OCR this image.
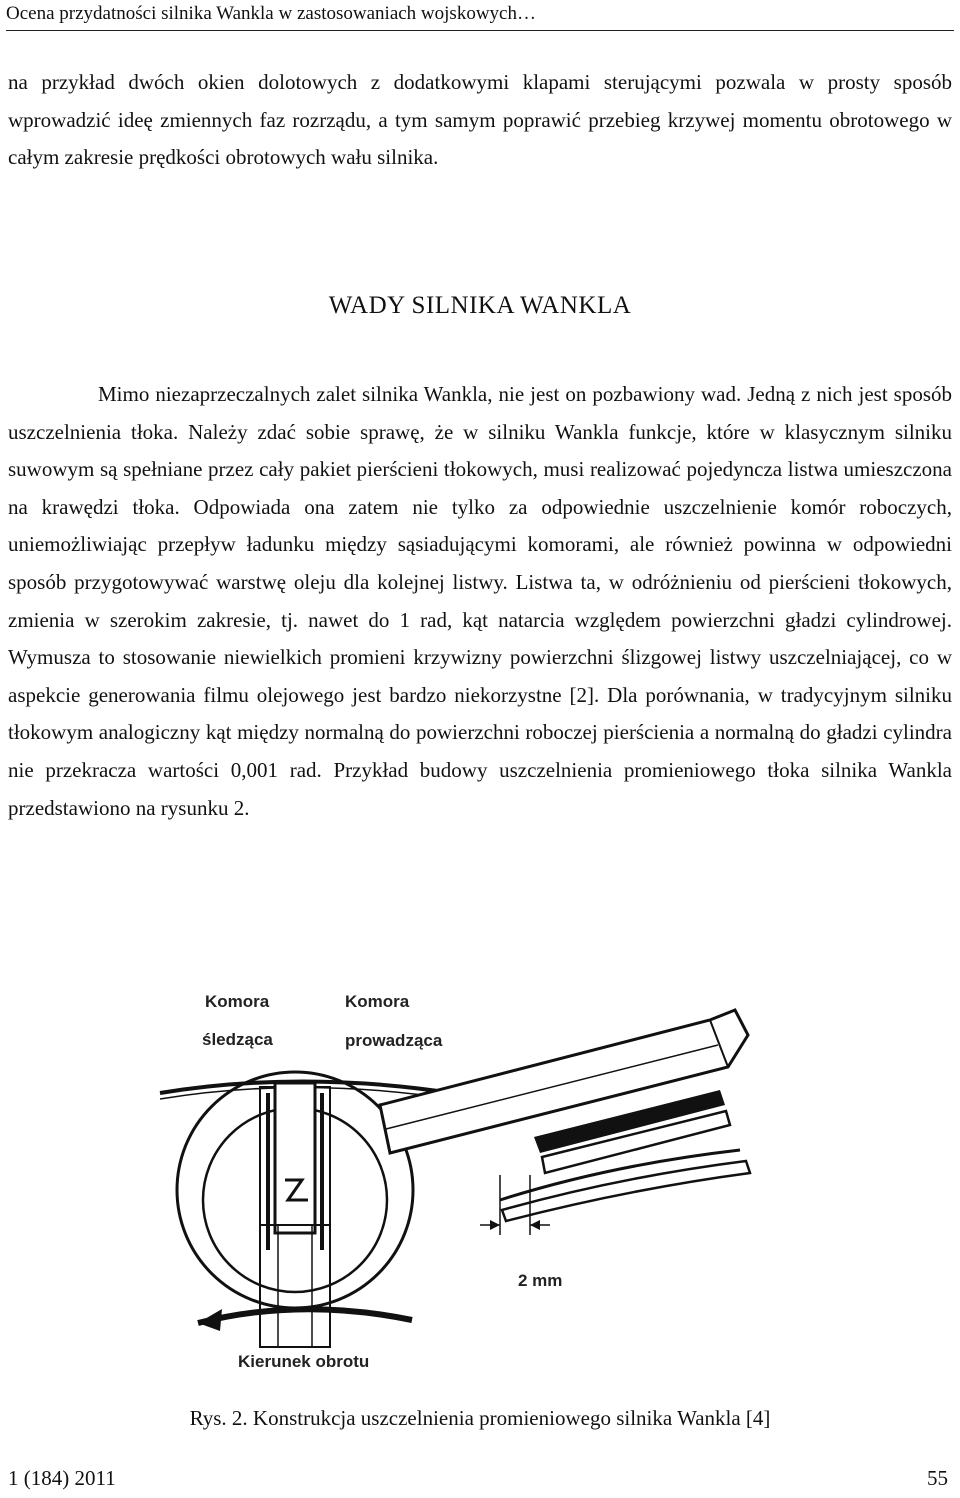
Ocena przydatności silnika Wankla w zastosowaniach wojskowych…
na przykład dwóch okien dolotowych z dodatkowymi klapami sterującymi pozwala w prosty sposób wprowadzić ideę zmiennych faz rozrządu, a tym samym poprawić przebieg krzywej momentu obrotowego w całym zakresie prędkości obrotowych wału silnika.
WADY SILNIKA WANKLA
Mimo niezaprzeczalnych zalet silnika Wankla, nie jest on pozbawiony wad. Jedną z nich jest sposób uszczelnienia tłoka. Należy zdać sobie sprawę, że w silniku Wankla funkcje, które w klasycznym silniku suwowym są spełniane przez cały pakiet pierścieni tłokowych, musi realizować pojedyncza listwa umieszczona na krawędzi tłoka. Odpowiada ona zatem nie tylko za odpowiednie uszczelnienie komór roboczych, uniemożliwiając przepływ ładunku między sąsiadującymi komorami, ale również powinna w odpowiedni sposób przygotowywać warstwę oleju dla kolejnej listwy. Listwa ta, w odróżnieniu od pierścieni tłokowych, zmienia w szerokim zakresie, tj. nawet do 1 rad, kąt natarcia względem powierzchni gładzi cylindrowej. Wymusza to stosowanie niewielkich promieni krzywizny powierzchni ślizgowej listwy uszczelniającej, co w aspekcie generowania filmu olejowego jest bardzo niekorzystne [2]. Dla porównania, w tradycyjnym silniku tłokowym analogiczny kąt między normalną do powierzchni roboczej pierścienia a normalną do gładzi cylindra nie przekracza wartości 0,001 rad. Przykład budowy uszczelnienia promieniowego tłoka silnika Wankla przedstawiono na rysunku 2.
Komora
śledząca
Komora
prowadząca
Kierunek obrotu
2 mm
Rys. 2. Konstrukcja uszczelnienia promieniowego silnika Wankla [4]
1 (184) 2011	55
